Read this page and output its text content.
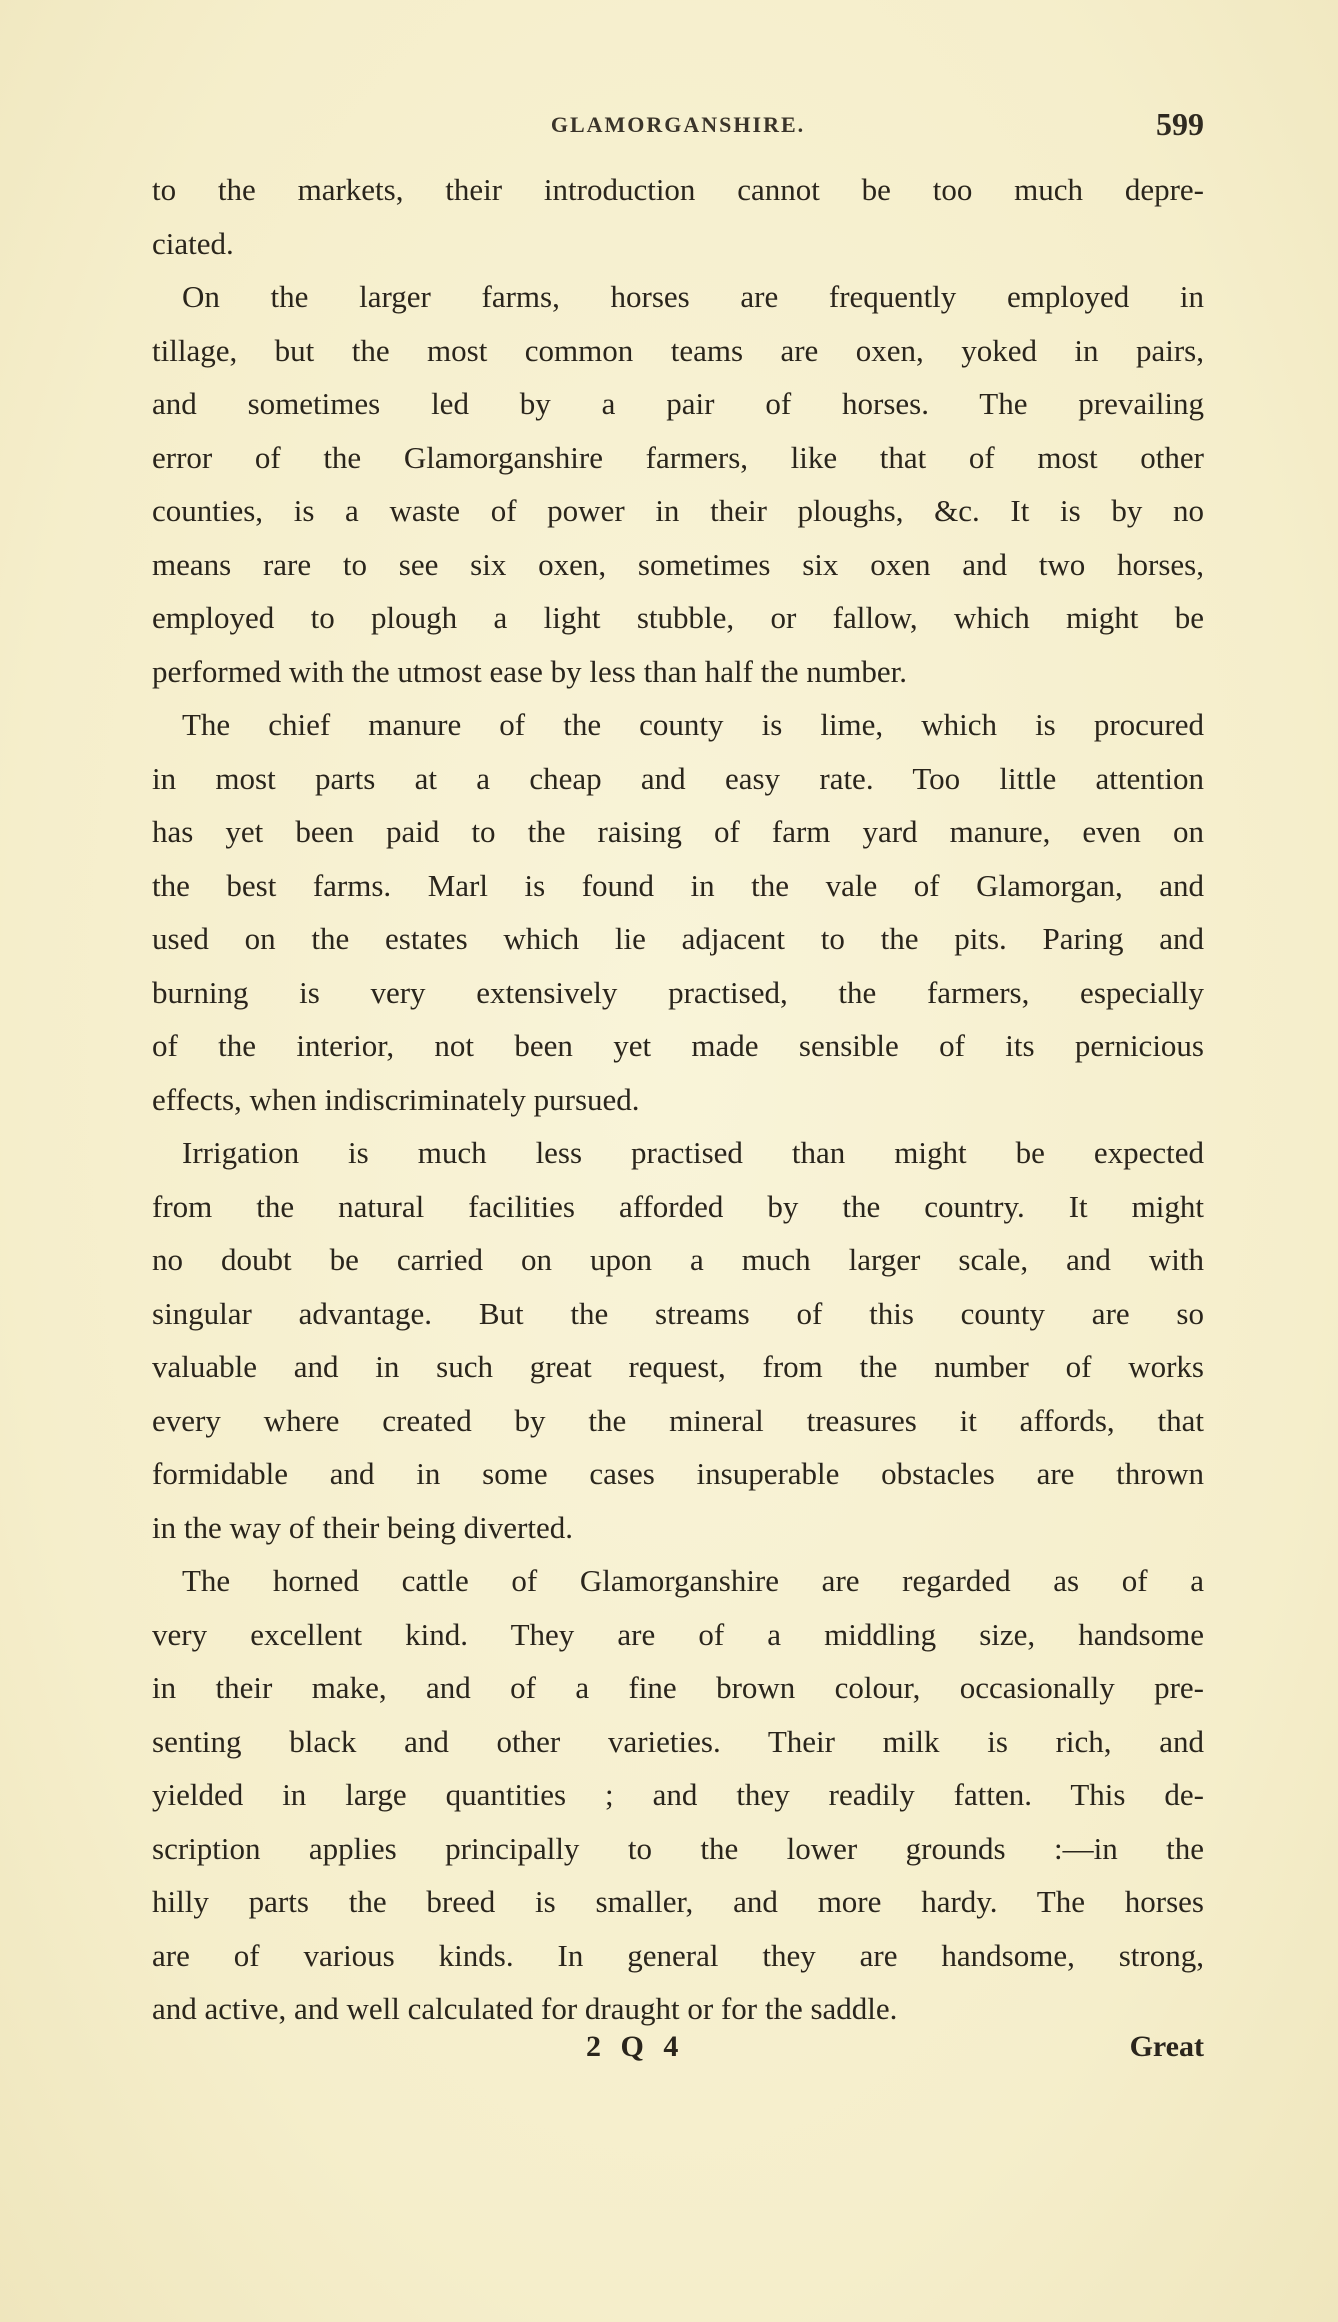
GLAMORGANSHIRE.	599
to the markets, their introduction cannot be too much depre-
ciated.
On the larger farms, horses are frequently employed in
tillage, but the most common teams are oxen, yoked in pairs,
and sometimes led by a pair of horses. The prevailing
error of the Glamorganshire farmers, like that of most other
counties, is a waste of power in their ploughs, &c. It is by no
means rare to see six oxen, sometimes six oxen and two horses,
employed to plough a light stubble, or fallow, which might be
performed with the utmost ease by less than half the number.
The chief manure of the county is lime, which is procured
in most parts at a cheap and easy rate. Too little attention
has yet been paid to the raising of farm yard manure, even on
the best farms. Marl is found in the vale of Glamorgan, and
used on the estates which lie adjacent to the pits. Paring and
burning is very extensively practised, the farmers, especially
of the interior, not been yet made sensible of its pernicious
effects, when indiscriminately pursued.
Irrigation is much less practised than might be expected
from the natural facilities afforded by the country. It might
no doubt be carried on upon a much larger scale, and with
singular advantage. But the streams of this county are so
valuable and in such great request, from the number of works
every where created by the mineral treasures it affords, that
formidable and in some cases insuperable obstacles are thrown
in the way of their being diverted.
The horned cattle of Glamorganshire are regarded as of a
very excellent kind. They are of a middling size, handsome
in their make, and of a fine brown colour, occasionally pre-
senting black and other varieties. Their milk is rich, and
yielded in large quantities ; and they readily fatten. This de-
scription applies principally to the lower grounds :—in the
hilly parts the breed is smaller, and more hardy. The horses
are of various kinds. In general they are handsome, strong,
and active, and well calculated for draught or for the saddle.
2 Q 4	Great
